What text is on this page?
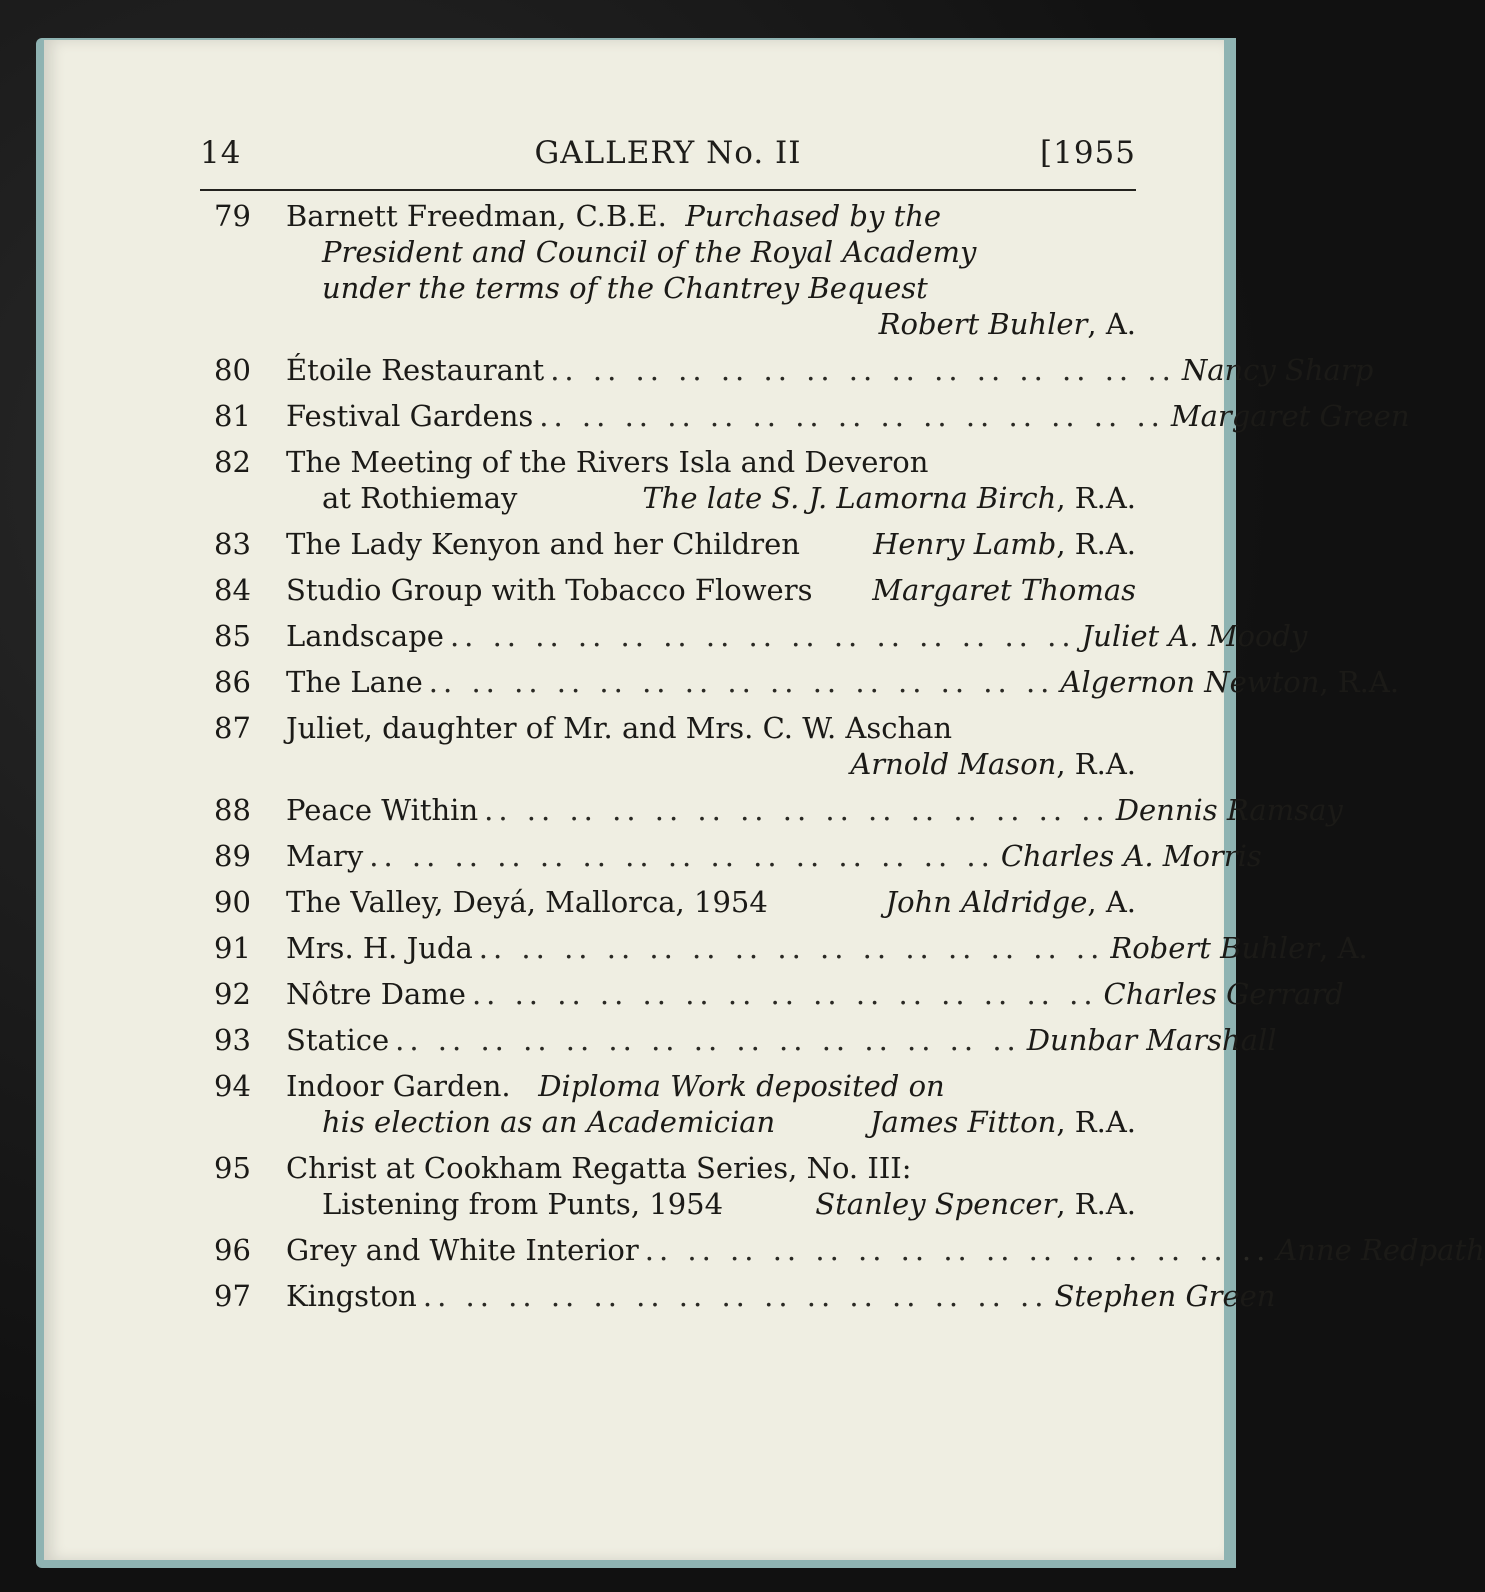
14	GALLERY No. II	[1955
79 Barnett Freedman, C.B.E.
Purchased by the
President and Council of the Royal Academy
under the terms of the Chantrey Bequest
Robert Buhler , A.
80 Étoile Restaurant .. .. .. .. .. .. .. .. .. .. .. .. .. .. .. Nancy Sharp
81 Festival Gardens .. .. .. .. .. .. .. .. .. .. .. .. .. .. .. Margaret Green
82 The Meeting of the Rivers Isla and Deveron
at Rothiemay	The late S. J. Lamorna Birch , R.A.
83 The Lady Kenyon and her Children	Henry Lamb , R.A.
84 Studio Group with Tobacco Flowers Margaret Thomas
85 Landscape .. .. .. .. .. .. .. .. .. .. .. .. .. .. .. Juliet A. Moody
86 The Lane .. .. .. .. .. .. .. .. .. .. .. .. .. .. .. Algernon Newton , R.A.
87 Juliet, daughter of Mr. and Mrs. C. W. Aschan
Arnold Mason , R.A.
88 Peace Within .. .. .. .. .. .. .. .. .. .. .. .. .. .. .. Dennis Ramsay
89 Mary .. .. .. .. .. .. .. .. .. .. .. .. .. .. .. Charles A. Morris
90 The Valley, Deyá, Mallorca, 1954	John Aldridge , A.
91 Mrs. H. Juda .. .. .. .. .. .. .. .. .. .. .. .. .. .. .. Robert Buhler , A.
92 Nôtre Dame .. .. .. .. .. .. .. .. .. .. .. .. .. .. .. Charles Gerrard
93 Statice .. .. .. .. .. .. .. .. .. .. .. .. .. .. .. Dunbar Marshall
94 Indoor Garden.
Diploma Work deposited on
his election as an Academician	James Fitton , R.A.
95 Christ at Cookham Regatta Series, No. III:
Listening from Punts, 1954	Stanley Spencer , R.A.
96 Grey and White Interior .. .. .. .. .. .. .. .. .. .. .. .. .. .. .. Anne Redpath
97 Kingston .. .. .. .. .. .. .. .. .. .. .. .. .. .. .. Stephen Green
